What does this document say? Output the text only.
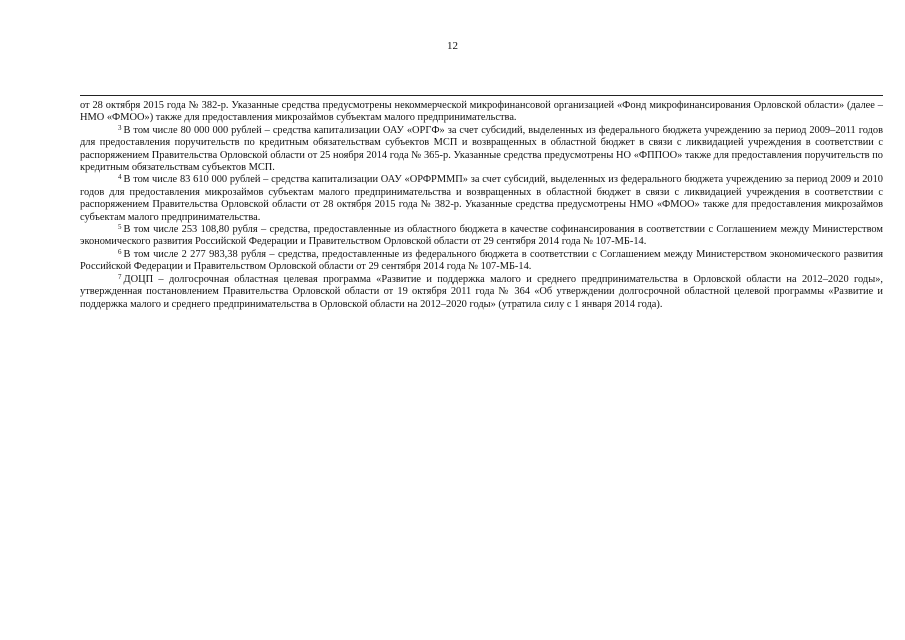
12

от 28 октября 2015 года № 382-р. Указанные средства предусмотрены некоммерческой микрофинансовой организацией «Фонд микрофинансирования Орловской области» (далее – НМО «ФМОО») также для предоставления микрозаймов субъектам малого предпринимательства.

$^3$ В том числе 80 000 000 рублей – средства капитализации ОАУ «ОРГФ» за счет субсидий, выделенных из федерального бюджета учреждению за период 2009–2011 годов для предоставления поручительств по кредитным обязательствам субъектов МСП и возвращенных в областной бюджет в связи с ликвидацией учреждения в соответствии с распоряжением Правительства Орловской области от 25 ноября 2014 года № 365-р. Указанные средства предусмотрены НО «ФППОО» также для предоставления поручительств по кредитным обязательствам субъектов МСП.

$^4$ В том числе 83 610 000 рублей – средства капитализации ОАУ «ОРФРММП» за счет субсидий, выделенных из федерального бюджета учреждению за период 2009 и 2010 годов для предоставления микрозаймов субъектам малого предпринимательства и возвращенных в областной бюджет в связи с ликвидацией учреждения в соответствии с распоряжением Правительства Орловской области от 28 октября 2015 года № 382-р. Указанные средства предусмотрены НМО «ФМОО» также для предоставления микрозаймов субъектам малого предпринимательства.

$^5$ В том числе 253 108,80 рубля – средства, предоставленные из областного бюджета в качестве софинансирования в соответствии с Соглашением между Министерством экономического развития Российской Федерации и Правительством Орловской области от 29 сентября 2014 года № 107-МБ-14.

$^6$ В том числе 2 277 983,38 рубля – средства, предоставленные из федерального бюджета в соответствии с Соглашением между Министерством экономического развития Российской Федерации и Правительством Орловской области от 29 сентября 2014 года № 107-МБ-14.

$^7$ ДОЦП – долгосрочная областная целевая программа «Развитие и поддержка малого и среднего предпринимательства в Орловской области на 2012–2020 годы», утвержденная постановлением Правительства Орловской области от 19 октября 2011 года № 364 «Об утверждении долгосрочной областной целевой программы «Развитие и поддержка малого и среднего предпринимательства в Орловской области на 2012–2020 годы» (утратила силу с 1 января 2014 года).
